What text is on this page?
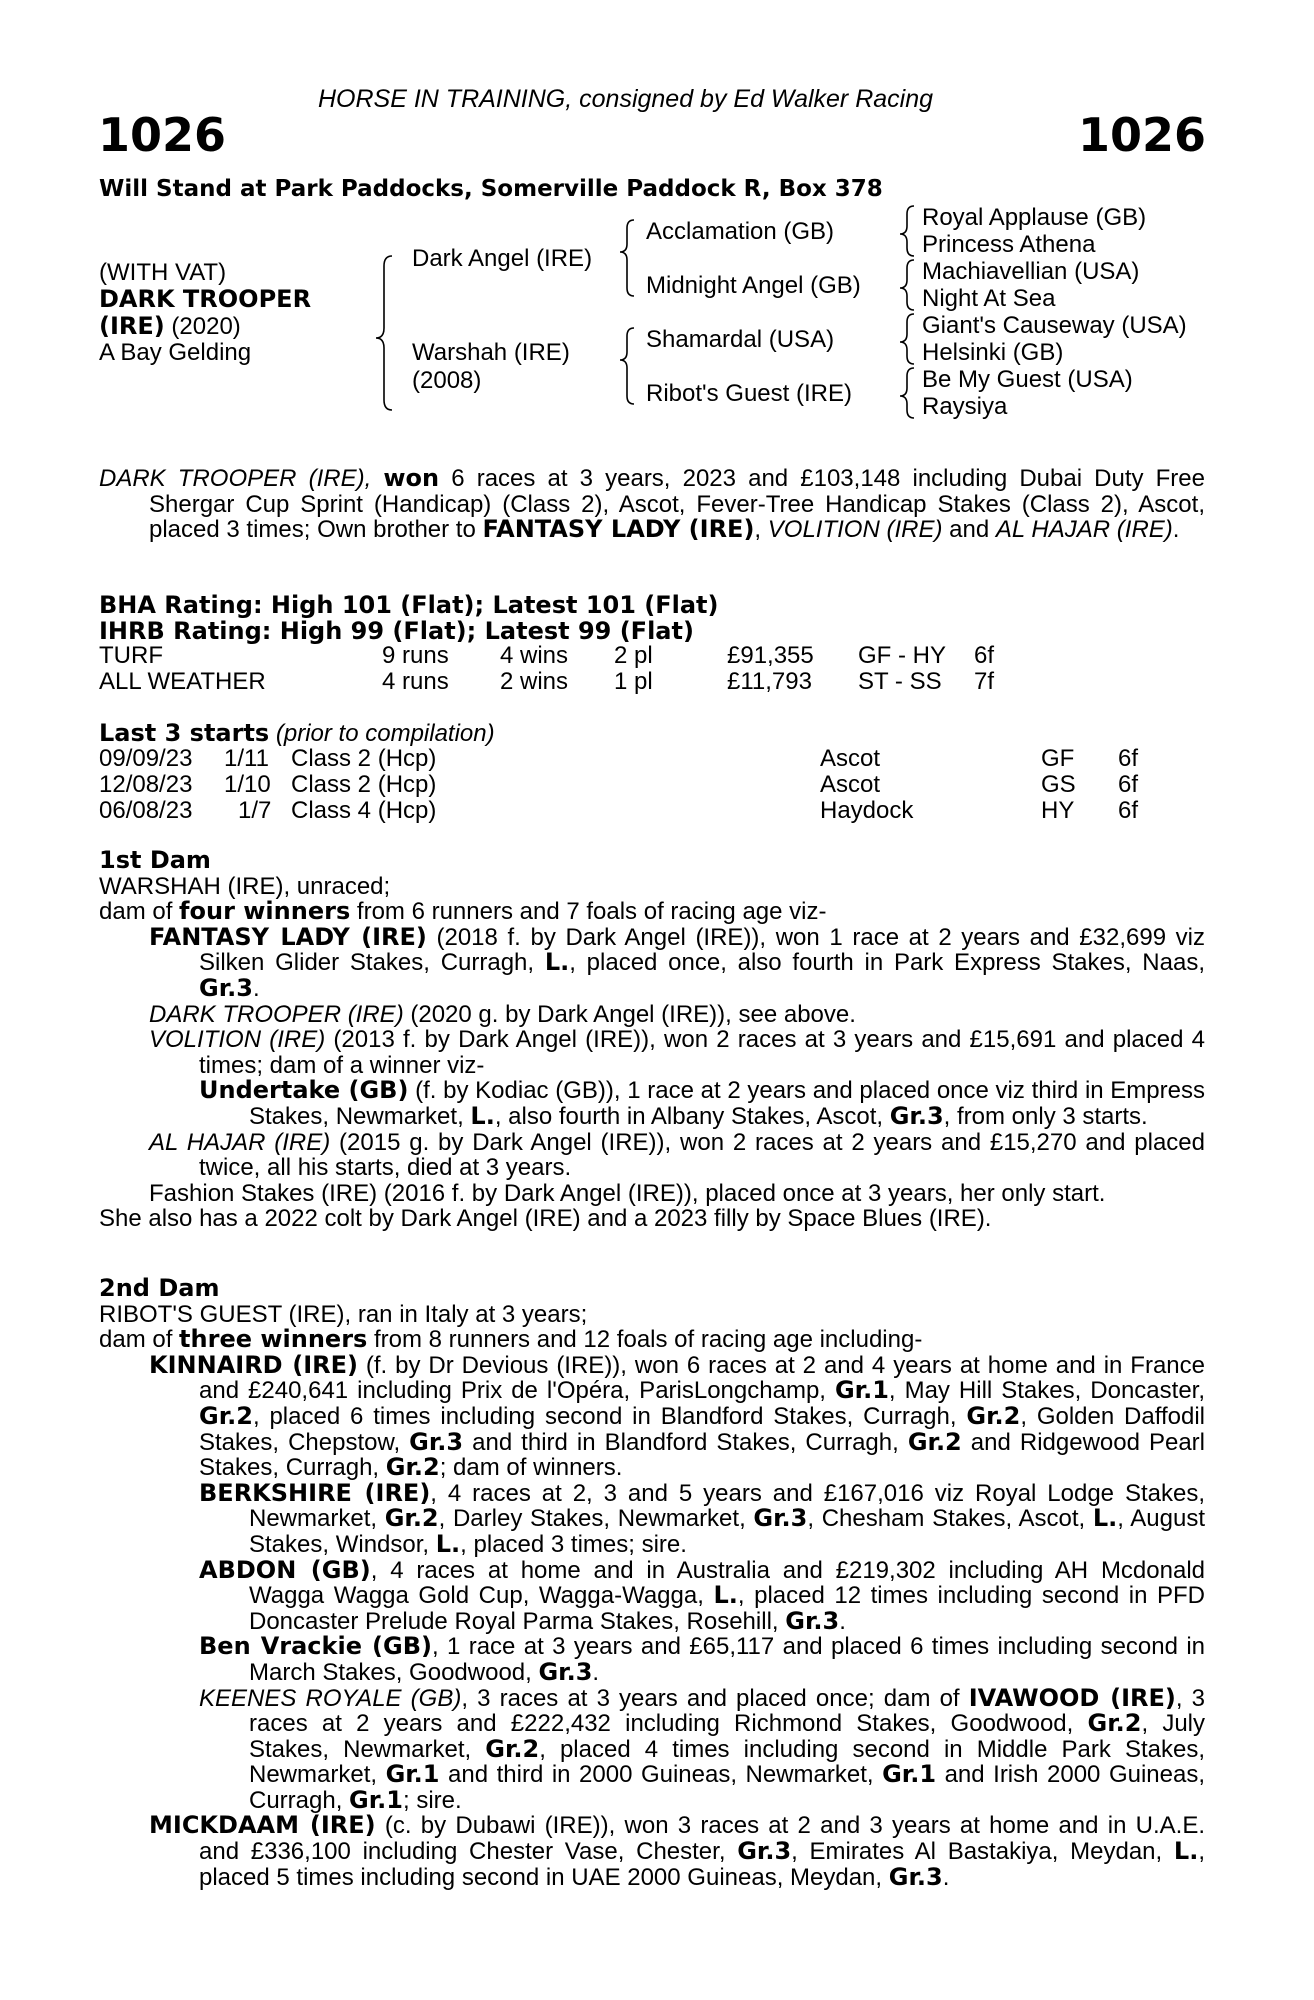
HORSE IN TRAINING, consigned by Ed Walker Racing
1026	1026
Will Stand at Park Paddocks, Somerville Paddock R, Box 378
(WITH VAT)
DARK TROOPER
(IRE) (2020)
A Bay Gelding
Dark Angel (IRE)
Warshah (IRE)
(2008)
Acclamation (GB)
Midnight Angel (GB)
Shamardal (USA)
Ribot's Guest (IRE)
Royal Applause (GB)
Princess Athena
Machiavellian (USA)
Night At Sea
Giant's Causeway (USA)
Helsinki (GB)
Be My Guest (USA)
Raysiya

DARK TROOPER (IRE), won 6 races at 3 years, 2023 and £103,148 including Dubai Duty Free Shergar Cup Sprint (Handicap) (Class 2), Ascot, Fever-Tree Handicap Stakes (Class 2), Ascot, placed 3 times; Own brother to FANTASY LADY (IRE), VOLITION (IRE) and AL HAJAR (IRE).

BHA Rating: High 101 (Flat); Latest 101 (Flat)
IHRB Rating: High 99 (Flat); Latest 99 (Flat)
TURF	9 runs 4 wins 2 pl	£91,355 GF - HY 6f
ALL WEATHER	4 runs 2 wins 1 pl	£11,793 ST - SS 7f
Last 3 starts (prior to compilation)
09/09/23 1/11 Class 2 (Hcp)	Ascot	GF 6f
12/08/23 1/10 Class 2 (Hcp)	Ascot	GS 6f
06/08/23 1/7 Class 4 (Hcp)	Haydock	HY 6f

1st Dam

WARSHAH (IRE), unraced;

dam of four winners from 6 runners and 7 foals of racing age viz-

FANTASY LADY (IRE) (2018 f. by Dark Angel (IRE)), won 1 race at 2 years and £32,699 viz Silken Glider Stakes, Curragh, L., placed once, also fourth in Park Express Stakes, Naas, Gr.3.

DARK TROOPER (IRE) (2020 g. by Dark Angel (IRE)), see above.

VOLITION (IRE) (2013 f. by Dark Angel (IRE)), won 2 races at 3 years and £15,691 and placed 4 times; dam of a winner viz-

Undertake (GB) (f. by Kodiac (GB)), 1 race at 2 years and placed once viz third in Empress Stakes, Newmarket, L., also fourth in Albany Stakes, Ascot, Gr.3, from only 3 starts.

AL HAJAR (IRE) (2015 g. by Dark Angel (IRE)), won 2 races at 2 years and £15,270 and placed twice, all his starts, died at 3 years.

Fashion Stakes (IRE) (2016 f. by Dark Angel (IRE)), placed once at 3 years, her only start.

She also has a 2022 colt by Dark Angel (IRE) and a 2023 filly by Space Blues (IRE).

2nd Dam

RIBOT'S GUEST (IRE), ran in Italy at 3 years;

dam of three winners from 8 runners and 12 foals of racing age including-

KINNAIRD (IRE) (f. by Dr Devious (IRE)), won 6 races at 2 and 4 years at home and in France and £240,641 including Prix de l'Opéra, ParisLongchamp, Gr.1, May Hill Stakes, Doncaster, Gr.2, placed 6 times including second in Blandford Stakes, Curragh, Gr.2, Golden Daffodil Stakes, Chepstow, Gr.3 and third in Blandford Stakes, Curragh, Gr.2 and Ridgewood Pearl Stakes, Curragh, Gr.2; dam of winners.

BERKSHIRE (IRE), 4 races at 2, 3 and 5 years and £167,016 viz Royal Lodge Stakes, Newmarket, Gr.2, Darley Stakes, Newmarket, Gr.3, Chesham Stakes, Ascot, L., August Stakes, Windsor, L., placed 3 times; sire.

ABDON (GB), 4 races at home and in Australia and £219,302 including AH Mcdonald Wagga Wagga Gold Cup, Wagga-Wagga, L., placed 12 times including second in PFD Doncaster Prelude Royal Parma Stakes, Rosehill, Gr.3.

Ben Vrackie (GB), 1 race at 3 years and £65,117 and placed 6 times including second in March Stakes, Goodwood, Gr.3.

KEENES ROYALE (GB), 3 races at 3 years and placed once; dam of IVAWOOD (IRE), 3 races at 2 years and £222,432 including Richmond Stakes, Goodwood, Gr.2, July Stakes, Newmarket, Gr.2, placed 4 times including second in Middle Park Stakes, Newmarket, Gr.1 and third in 2000 Guineas, Newmarket, Gr.1 and Irish 2000 Guineas, Curragh, Gr.1; sire.

MICKDAAM (IRE) (c. by Dubawi (IRE)), won 3 races at 2 and 3 years at home and in U.A.E. and £336,100 including Chester Vase, Chester, Gr.3, Emirates Al Bastakiya, Meydan, L., placed 5 times including second in UAE 2000 Guineas, Meydan, Gr.3.
